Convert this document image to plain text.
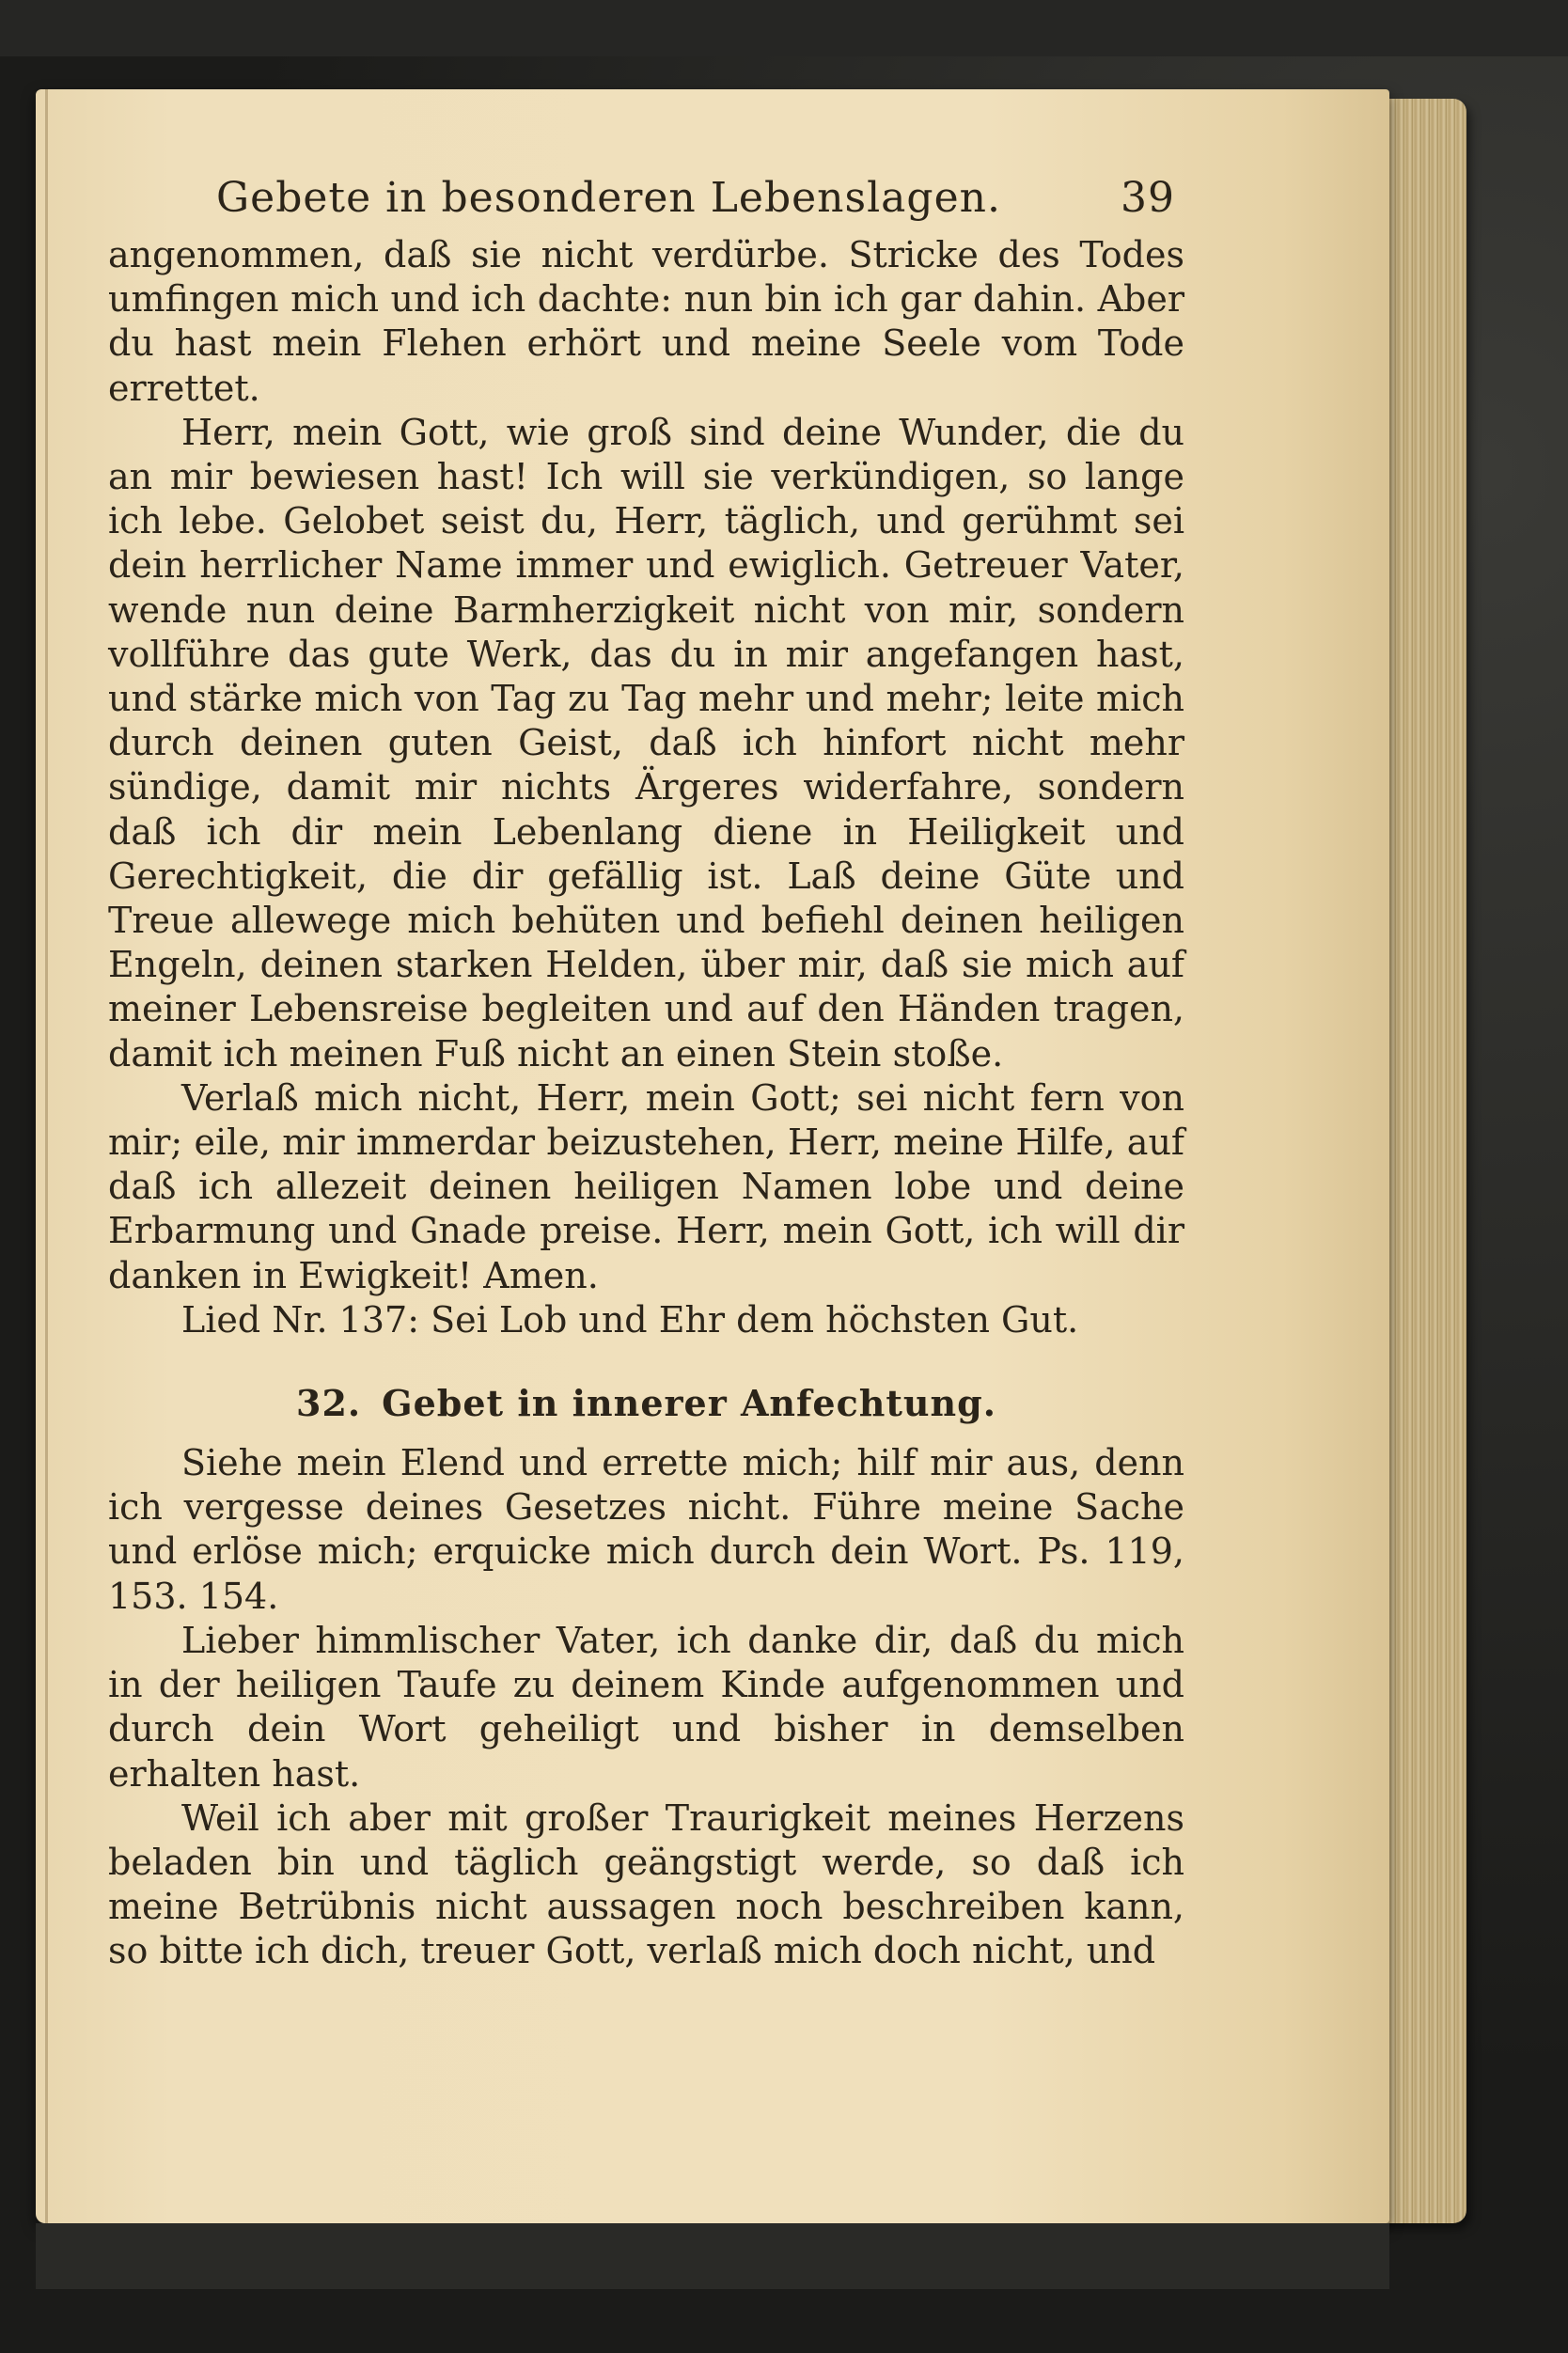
Gebete in besonderen Lebenslagen.	39

angenommen, daß sie nicht verdürbe. Stricke des Todes umfingen mich und ich dachte: nun bin ich gar dahin. Aber du hast mein Flehen erhört und meine Seele vom Tode errettet.

Herr, mein Gott, wie groß sind deine Wunder, die du an mir bewiesen hast! Ich will sie verkündigen, so lange ich lebe. Gelobet seist du, Herr, täglich, und gerühmt sei dein herrlicher Name immer und ewiglich. Getreuer Vater, wende nun deine Barmherzigkeit nicht von mir, sondern vollführe das gute Werk, das du in mir angefangen hast, und stärke mich von Tag zu Tag mehr und mehr; leite mich durch deinen guten Geist, daß ich hinfort nicht mehr sündige, damit mir nichts Ärgeres widerfahre, sondern daß ich dir mein Lebenlang diene in Heiligkeit und Gerechtigkeit, die dir gefällig ist. Laß deine Güte und Treue allewege mich behüten und befiehl deinen heiligen Engeln, deinen starken Helden, über mir, daß sie mich auf meiner Lebensreise begleiten und auf den Händen tragen, damit ich meinen Fuß nicht an einen Stein stoße.

Verlaß mich nicht, Herr, mein Gott; sei nicht fern von mir; eile, mir immerdar beizustehen, Herr, meine Hilfe, auf daß ich allezeit deinen heiligen Namen lobe und deine Erbarmung und Gnade preise. Herr, mein Gott, ich will dir danken in Ewigkeit! Amen.

Lied Nr. 137: Sei Lob und Ehr dem höchsten Gut.

32. Gebet in innerer Anfechtung.

Siehe mein Elend und errette mich; hilf mir aus, denn ich vergesse deines Gesetzes nicht. Führe meine Sache und erlöse mich; erquicke mich durch dein Wort. Ps. 119, 153. 154.

Lieber himmlischer Vater, ich danke dir, daß du mich in der heiligen Taufe zu deinem Kinde aufgenommen und durch dein Wort geheiligt und bisher in demselben erhalten hast.

Weil ich aber mit großer Traurigkeit meines Herzens beladen bin und täglich geängstigt werde, so daß ich meine Betrübnis nicht aussagen noch beschreiben kann, so bitte ich dich, treuer Gott, verlaß mich doch nicht, und
